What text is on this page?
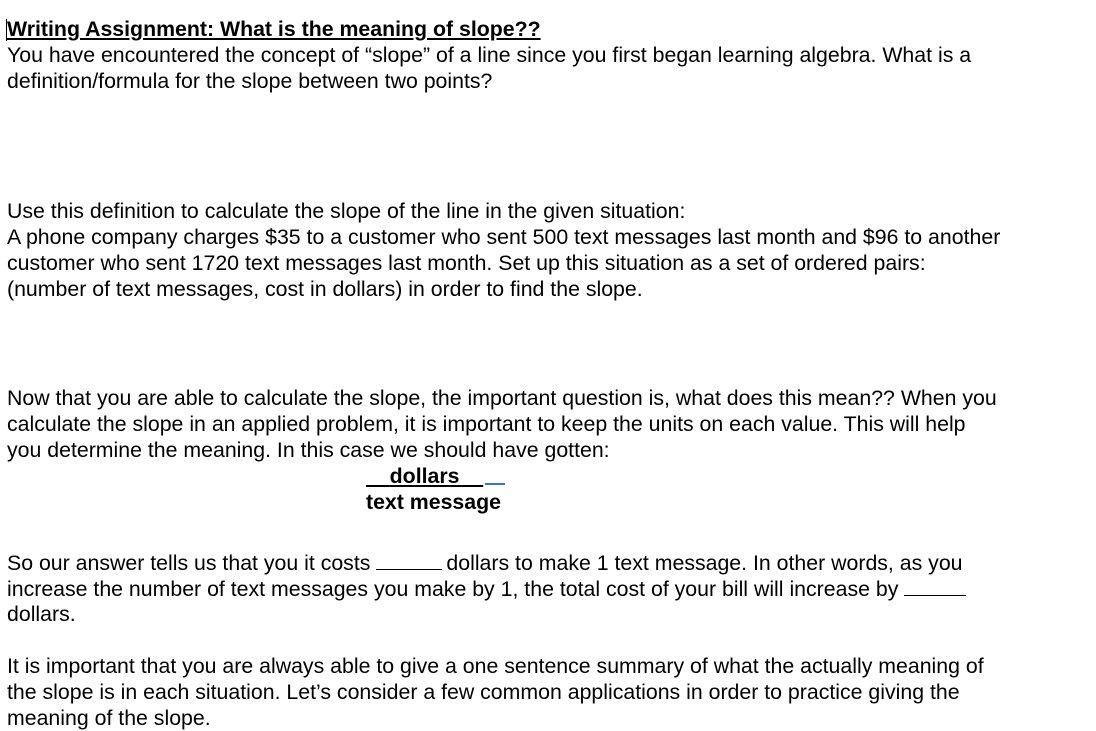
Writing Assignment: What is the meaning of slope??
You have encountered the concept of “slope” of a line since you first began learning algebra. What is a
definition/formula for the slope between two points?
Use this definition to calculate the slope of the line in the given situation:
A phone company charges $35 to a customer who sent 500 text messages last month and $96 to another
customer who sent 1720 text messages last month. Set up this situation as a set of ordered pairs:
(number of text messages, cost in dollars) in order to find the slope.
Now that you are able to calculate the slope, the important question is, what does this mean?? When you
calculate the slope in an applied problem, it is important to keep the units on each value. This will help
you determine the meaning. In this case we should have gotten:
dollars
text message
So our answer tells us that you it costs	dollars to make 1 text message. In other words, as you
increase the number of text messages you make by 1, the total cost of your bill will increase by
dollars.
It is important that you are always able to give a one sentence summary of what the actually meaning of
the slope is in each situation. Let’s consider a few common applications in order to practice giving the
meaning of the slope.
